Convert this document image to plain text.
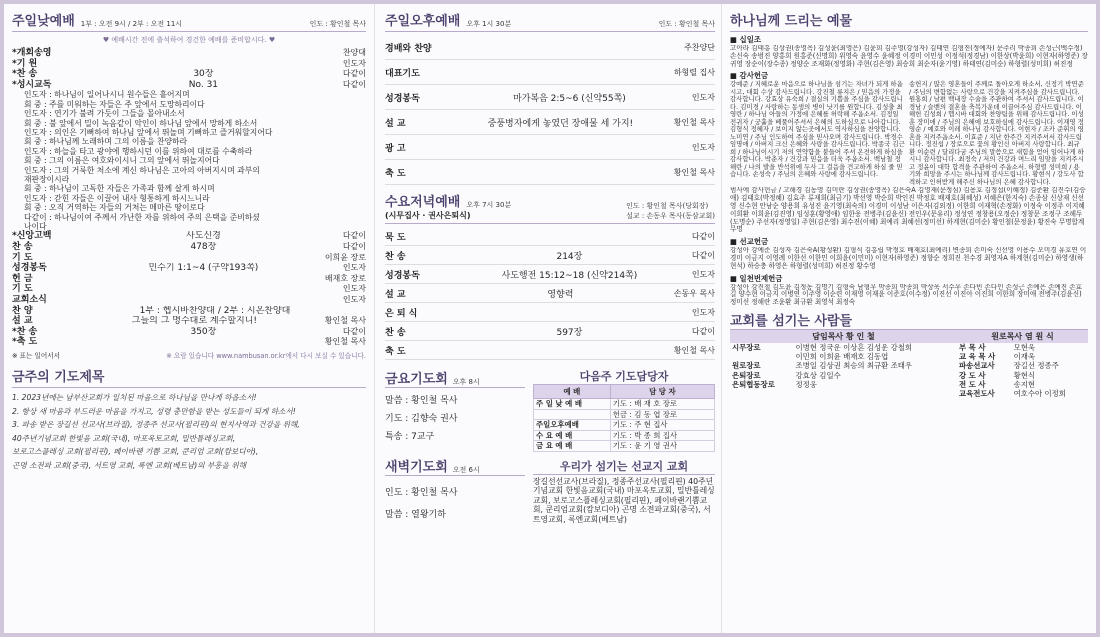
주일낮예배 1부 : 오전 9시 / 2부 : 오전 11시	인도 : 황인철 목사
♥ 예배시간 전에 출석하여 경건한 예배를 준비합시다. ♥
*개회송영	찬양대
*기 원	인도자
*찬 송	30장	다같이
*성시교독	No. 31	다같이
인도자 : 하나님이 일어나시니 원수들은 흩어지며
회 중 : 주를 미워하는 자들은 주 앞에서 도망하리이다
인도자 : 연기가 불려 가듯이 그들을 몰아내소서
회 중 : 불 앞에서 밀이 녹음같이 악인이 하나님 앞에서 망하게 하소서
인도자 : 의인은 기뻐하여 하나님 앞에서 뛰놀며 기뻐하고 즐거워할지어다
회 중 : 하나님께 노래하며 그의 이름을 찬양하라
인도자 : 하늘을 타고 광야에 행하시던 이를 위하여 대로를 수축하라
회 중 : 그의 이름은 여호와이시니 그의 앞에서 뛰놀지어다
인도자 : 그의 거룩한 처소에 계신 하나님은 고아의 아버지시며 과부의
재판장이시라
회 중 : 하나님이 고독한 자들은 가족과 함께 살게 하시며
인도자 : 갇힌 자들은 이끌어 내사 형통하게 하시느니라
회 중 : 오직 거역하는 자들의 거처는 메마른 땅이로다
다같이 : 하나님이여 주께서 가난한 자를 위하여 주의 은택을 준비하셨
나이다
*신앙고백	사도신경	다같이
찬 송	478장	다같이
기 도	이희윤 장로
성경봉독	민수기 1:1~4 (구약193쪽)	인도자
헌 금	배재호 장로
기 도	인도자
교회소식	인도자
찬 양	1부 : 헵시바찬양대 / 2부 : 시온찬양대
설 교	그들의 그 명수대로 계수할지니!	황인철 목사
*찬 송	350장	다같이
*축 도	황인철 목사
※ 표는 일어서서	※ 요람 있습니다 www.nambusan.or.kr에서 다시 보실 수 있습니다.
금주의 기도제목
1. 2023년에는 남부산교회가 일치된 마음으로 하나님을 만나게 하옵소서!
2. 항상 새 마음과 부드러운 마음을 가지고, 성령 충만함을 받는 성도들이 되게 하소서!
3. 파송 받은 장길선 선교사(브라질), 정종주 선교사(필리핀)의 현지사역과 건강을 위해,
40주년기념교회 한빛음 교회(국내), 마포옥토교회, 밀반틀레싱교회,
보로고스플레싱 교회(필리핀), 페이바랜 기쁨 교회, 쿤리엄 교회(캄보디아),
곤명 소전파 교회(중국), 서트영 교회, 록엔 교회(베트남)의 부흥을 위해
주일오후예배 오후 1시 30분	인도 : 황인철 목사
경배와 찬양	주찬양단
대표기도	하형렬 집사
성경봉독	마가복음 2:5~6 (신약55쪽)	인도자
설 교	중풍병자에게 놓였던 장애물 세 가지!	황인철 목사
광 고	인도자
축 도	황인철 목사
수요저녁예배 오후 7시 30분
(시무집사 · 권사은퇴식)
인도 : 황인철 목사(당회장)
설교 : 손동우 목사(동삼교회)
묵 도	다같이
찬 송	214장	다같이
성경봉독	사도행전 15:12~18 (신약214쪽)	인도자
설 교	영향력	손동우 목사
은 퇴 식	인도자
찬 송	597장	다같이
축 도	황인철 목사
금요기도회 오후 8시
말씀 : 황인철 목사
기도 : 김향숙 권사
특송 : 7교구
새벽기도회 오전 6시
인도 : 황인철 목사
말씀 : 열왕기하
다음주 기도담당자
예 배	담 당 자
주 일 낮 예 배	기도 : 배 재 호 장로
	헌금 : 김 동 엽 장로
주일오후예배	기도 : 주 현 집사
수 요 예 배	기도 : 박 종 희 집사
금 요 예 배	기도 : 윤 기 영 권사
우리가 섬기는 선교지 교회
장길선선교사(브라질), 정종주선교사(필리핀) 40주년기념교회 한빛음교회(국내) 마포옥토교회, 밀반틀레싱교회, 보로고스플레싱교회(필리핀), 페이바랜기쁨교회, 쿤리엄교회(캄보디아) 곤명 소전파교회(중국), 서트영교회, 록엔교회(베트남)
하나님께 드리는 예물
■ 십일조
고아라 김태홍 김상권(송영옥) 김성윤(최영은) 김윤희 김주영(강성자) 김태연 김형진(정예자) 문주리 박종희 손성근(백수정) 손신숙 송범진 양홍희 원홍준(신명희) 위영숙 윤영수 윤혜정 이경미 이민성 이정석(정경남) 이한상(박윤희) 이현자(하영준) 장귀영 장순이(장수종) 정양순 조재화(정영화) 주현(김은영) 최승희 최순자(윤기영) 하태연(김미순) 하형렬(성미희) 허진정
■ 감사헌금
강예준 / 지혜로운 마음으로 하나님을 섬기는 자녀가 되게 하옵시고, 대회 수상 감사드립니다. 강진철 류지은 / 믿음의 가정을 감사합니다. 강효상 유숙희 / 결실의 기쁨을 주심을 감사드립니다. 김미경 / 사랑하는 동생의 병이 낫기를 원합니다. 김성출 최영란 / 하나님 아들의 가정에 은혜를 허락해 주옵소서. 김정일 전귀자 / 궁휼을 베풀어주셔서 은혜의 도하심으로 나아갑니다. 김형식 정혜자 / 보이지 않는곳에서도 역사하심을 찬양합니다. 노미연 / 주님 인도하여 주심을 믿사오며 감사드립니다. 박경수 임명애 / 아버지 크신 은혜와 사랑을 감사드립니다. 박종국 김근희 / 하나님이시기 저의 연약함을 붙들어 주셔 온전하게 하심을 감사합니다. 박춘자 / 건강과 믿음을 더욱 주옵소서. 백남철 정해란 / 나의 발을 반석위에 두사 그 걸음을 견고하게 하실 줄 믿습니다. 손성숙 / 주님의 은혜와 사랑에 감사드립니다.
송헌지 / 많은 영혼들이 주께로 돌아오게 하소서, 신정기 박연준 / 주님의 변함없는 사랑으로 건강을 지켜주심을 감사드립니다. 원홍희 / 남편 백내장 수술을 주관하여 주셔서 감사드립니다. 이경남 / 슬벤의 결혼을 축복가운데 이끌어주심 감사드립니다. 이해헌 김성희 / 헵시바 대회와 찬양팀을 위해 감사드립니다. 이성훈 장미애 / 주님의 은혜에 보호하심에 감사드립니다. 이재영 정영순 / 예호와 이레 하나님 감사합니다. 이현자 / 조카 준휘의 영혼을 지켜주옵소서. 이효준 / 지난 한주간 지켜주셔서 감사드립니다. 정진섭 / 장로으로 꽃의 황인신 아버지 사랑합니다. 최규환 이순련 / 달리다굼 주님의 말씀으로 새힘을 얻어 일어나게 하시니 감사합니다. 최정숙 / 저의 건강과 며느리 임맞을 지켜주시고 정윤이 대학 합격을 주관하여 주옵소서. 하형렬 성미희 / 용기와 희망을 주시는 하나님께 감사드립니다. 황현식 / 강도사 합격하고 인허받게 해주신 하나님의 은혜 감사합니다.
범사에 감사헌금 / 고해경 김동영 김미란 김상권(송영옥) 김은숙A 김영재(문정심) 김용호 김정섭(이혜정) 김준환 김진수(김승애) 김태호(박정혜) 김효주 류재희(최금기) 박선영 박순희 박인진 박정호 배재호(최혜성) 서혜은(한지숙) 손종삼 신상재 신선영 신수현 안남순 양용희 유성진 윤기영(최숙의) 이경미 이성남 이은자(김외정) 이한희 이재혁(손정화) 이정숙 이정주 이지혜 이희환 이희윤(김진영) 임성훈(황영애) 임한웅 전병주(김윤신) 전인우(문유리) 정성연 정창용(오정순) 정창문 조정구 조해두(도명순) 주선자(정영일) 주현(김은영) 최수진(이혜) 최예리 최혜선(정미선) 하계현(김미순) 황인철(문정윤) 황진숙 무명합계 무명
■ 선교헌금
강성아 강예준 김성자 김은숙A(황성환) 김형식 김홍립 박정호 배재호(최예리) 변종희 손미숙 신선영 이용수 오미경 유호연 이경미 이금지 이영례 이한선 이한민 이희윤(이민미) 이현자(하영준) 정향순 정희진 천수경 최영자A 하계현(김미순) 하영생(하현석) 하승충 하영은 하형렬(성미희) 허진정 황수영
■ 일천번제헌금
강성아 강진철 김도윤 김정동 김명기 김형숙 남형우 박종희 박종희 박상욱 서수우 손다빈 손다인 손성근 손예은 손예진 손효길 양수현 이금지 이병연 이주영 이순련 이재영 이재윤 이준호(이수정) 이진선 이진아 이진희 이한희 장미애 전병주(김윤신) 정미선 정해란 조윤환 최규환 최영석 최정숙
교회를 섬기는 사람들
담임목사 황 인 철		원로목사 염 원 식	
시무장로	이병현 정국운 이상흔 김성운 강철희	부 목 사	모현욱
	이민희 이희윤 배재호 김동엽	교 육 목 사	이재욱
원로장로	조병일 김상권 최승의 최규환 조태우	파송선교사	장길선 정종주
은퇴장로	강효상 김일수	강 도 사	황현식
은퇴협동장로	정정웅	전 도 사	송지현
		교육전도사	여호수아 이정희
